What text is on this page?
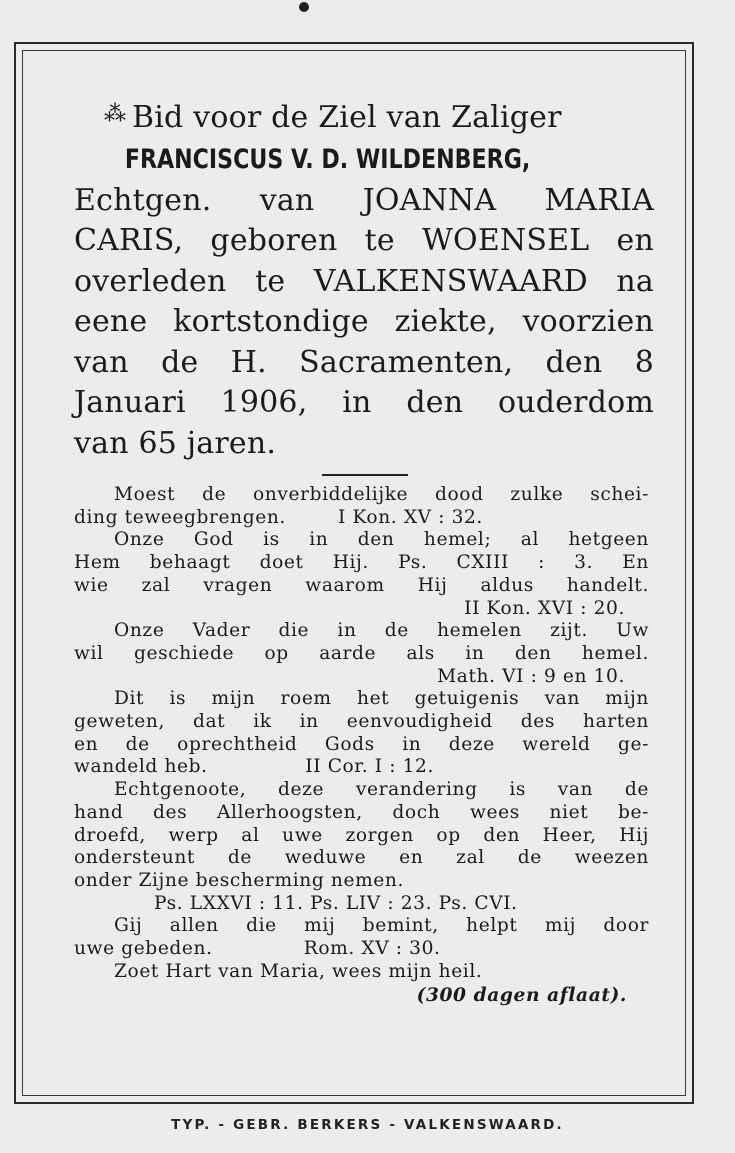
⁂ Bid voor de Ziel van Zaliger
FRANCISCUS V. D. WILDENBERG,
Echtgen. van JOANNA MARIA
CARIS, geboren te WOENSEL en
overleden te VALKENSWAARD na
eene kortstondige ziekte, voorzien
van de H. Sacramenten, den 8
Januari 1906, in den ouderdom
van 65 jaren.
Moest de onverbiddelijke dood zulke schei-
ding teweegbrengen.        I Kon. XV : 32.
Onze God is in den hemel; al hetgeen
Hem behaagt doet Hij. Ps. CXIII : 3. En
wie zal vragen waarom Hij aldus handelt.
II Kon. XVI : 20.
Onze Vader die in de hemelen zijt. Uw
wil geschiede op aarde als in den hemel.
Math. VI : 9 en 10.
Dit is mijn roem het getuigenis van mijn
geweten, dat ik in eenvoudigheid des harten
en de oprechtheid Gods in deze wereld ge-
wandeld heb.               II Cor. I : 12.
Echtgenoote, deze verandering is van de
hand des Allerhoogsten, doch wees niet be-
droefd, werp al uwe zorgen op den Heer, Hij
ondersteunt de weduwe en zal de weezen
onder Zijne bescherming nemen.
Ps. LXXVI : 11. Ps. LIV : 23. Ps. CVI.
Gij allen die mij bemint, helpt mij door
uwe gebeden.              Rom. XV : 30.
Zoet Hart van Maria, wees mijn heil.
(300 dagen aflaat).
TYP. - GEBR. BERKERS - VALKENSWAARD.
